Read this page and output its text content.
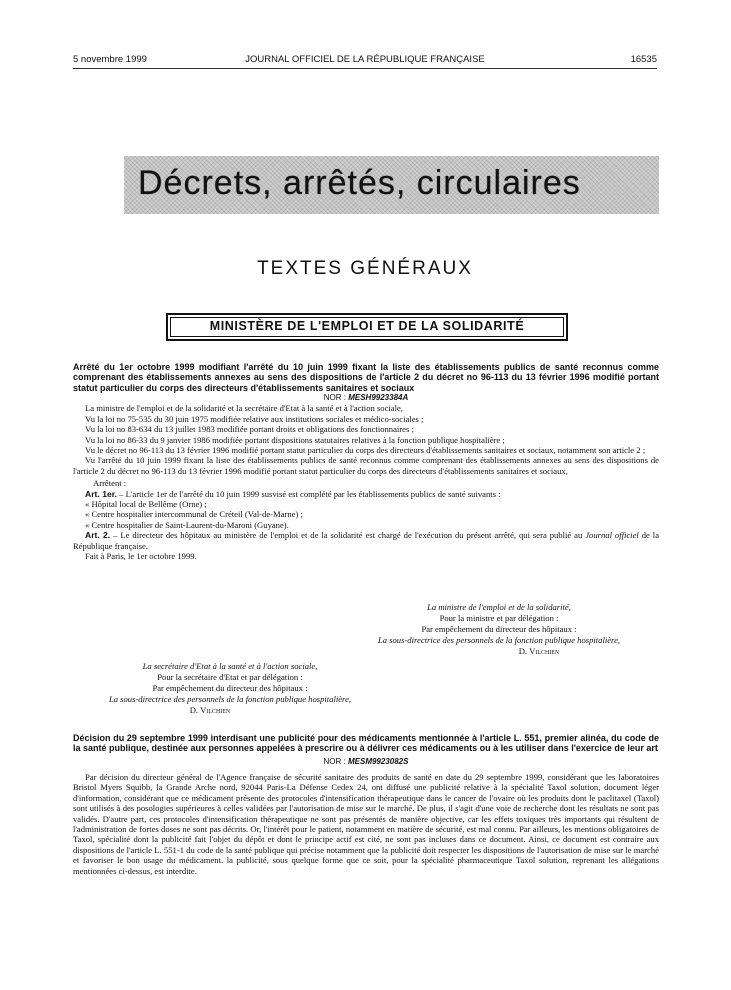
5 novembre 1999	JOURNAL OFFICIEL DE LA RÉPUBLIQUE FRANÇAISE	16535
Décrets, arrêtés, circulaires
TEXTES GÉNÉRAUX
MINISTÈRE DE L'EMPLOI ET DE LA SOLIDARITÉ

Arrêté du 1er octobre 1999 modifiant l'arrêté du 10 juin 1999 fixant la liste des établissements publics de santé reconnus comme comprenant des établissements annexes au sens des dispositions de l'article 2 du décret no 96-113 du 13 février 1996 modifié portant statut particulier du corps des directeurs d'établissements sanitaires et sociaux

NOR : MESH9923384A

La ministre de l'emploi et de la solidarité et la secrétaire d'Etat à la santé et à l'action sociale,

Vu la loi no 75-535 du 30 juin 1975 modifiée relative aux institutions sociales et médico-sociales ;

Vu la loi no 83-634 du 13 juillet 1983 modifiée portant droits et obligations des fonctionnaires ;

Vu la loi no 86-33 du 9 janvier 1986 modifiée portant dispositions statutaires relatives à la fonction publique hospitalière ;

Vu le décret no 96-113 du 13 février 1996 modifié portant statut particulier du corps des directeurs d'établissements sanitaires et sociaux, notamment son article 2 ;

Vu l'arrêté du 10 juin 1999 fixant la liste des établissements publics de santé reconnus comme comprenant des établissements annexes au sens des dispositions de l'article 2 du décret no 96-113 du 13 février 1996 modifié portant statut particulier du corps des directeurs d'établissements sanitaires et sociaux,

Arrêtent :

Art. 1er. – L'article 1er de l'arrêté du 10 juin 1999 susvisé est complété par les établissements publics de santé suivants :

« Hôpital local de Bellême (Orne) ;

« Centre hospitalier intercommunal de Créteil (Val-de-Marne) ;

« Centre hospitalier de Saint-Laurent-du-Maroni (Guyane).

Art. 2. – Le directeur des hôpitaux au ministère de l'emploi et de la solidarité est chargé de l'exécution du présent arrêté, qui sera publié au Journal officiel de la République française.

Fait à Paris, le 1er octobre 1999.

La ministre de l'emploi et de la solidarité,

Pour la ministre et par délégation :

Par empêchement du directeur des hôpitaux :

La sous-directrice des personnels de la fonction publique hospitalière,

D. Vilchien

La secrétaire d'Etat à la santé et à l'action sociale,

Pour la secrétaire d'Etat et par délégation :

Par empêchement du directeur des hôpitaux :

La sous-directrice des personnels de la fonction publique hospitalière,

D. Vilchien

Décision du 29 septembre 1999 interdisant une publicité pour des médicaments mentionnée à l'article L. 551, premier alinéa, du code de la santé publique, destinée aux personnes appelées à prescrire ou à délivrer ces médicaments ou à les utiliser dans l'exercice de leur art

NOR : MESM9923082S

Par décision du directeur général de l'Agence française de sécurité sanitaire des produits de santé en date du 29 septembre 1999, considérant que les laboratoires Bristol Myers Squibb, la Grande Arche nord, 92044 Paris-La Défense Cedex 24, ont diffusé une publicité relative à la spécialité Taxol solution, document léger d'information, considérant que ce médicament présente des protocoles d'intensification thérapeutique dans le cancer de l'ovaire où les produits dont le paclitaxel (Taxol) sont utilisés à des posologies supérieures à celles validées par l'autorisation de mise sur le marché. De plus, il s'agit d'une voie de recherche dont les résultats ne sont pas validés. D'autre part, ces protocoles d'intensification thérapeutique ne sont pas présentés de manière objective, car les effets toxiques très importants qui résultent de l'administration de fortes doses ne sont pas décrits. Or, l'intérêt pour le patient, notamment en matière de sécurité, est mal connu. Par ailleurs, les mentions obligatoires de Taxol, spécialité dont la publicité fait l'objet du dépôt et dont le principe actif est cité, ne sont pas incluses dans ce document. Ainsi, ce document est contraire aux dispositions de l'article L. 551-1 du code de la santé publique qui précise notamment que la publicité doit respecter les dispositions de l'autorisation de mise sur le marché et favoriser le bon usage du médicament. la publicité, sous quelque forme que ce soit, pour la spécialité pharmaceutique Taxol solution, reprenant les allégations mentionnées ci-dessus, est interdite.
